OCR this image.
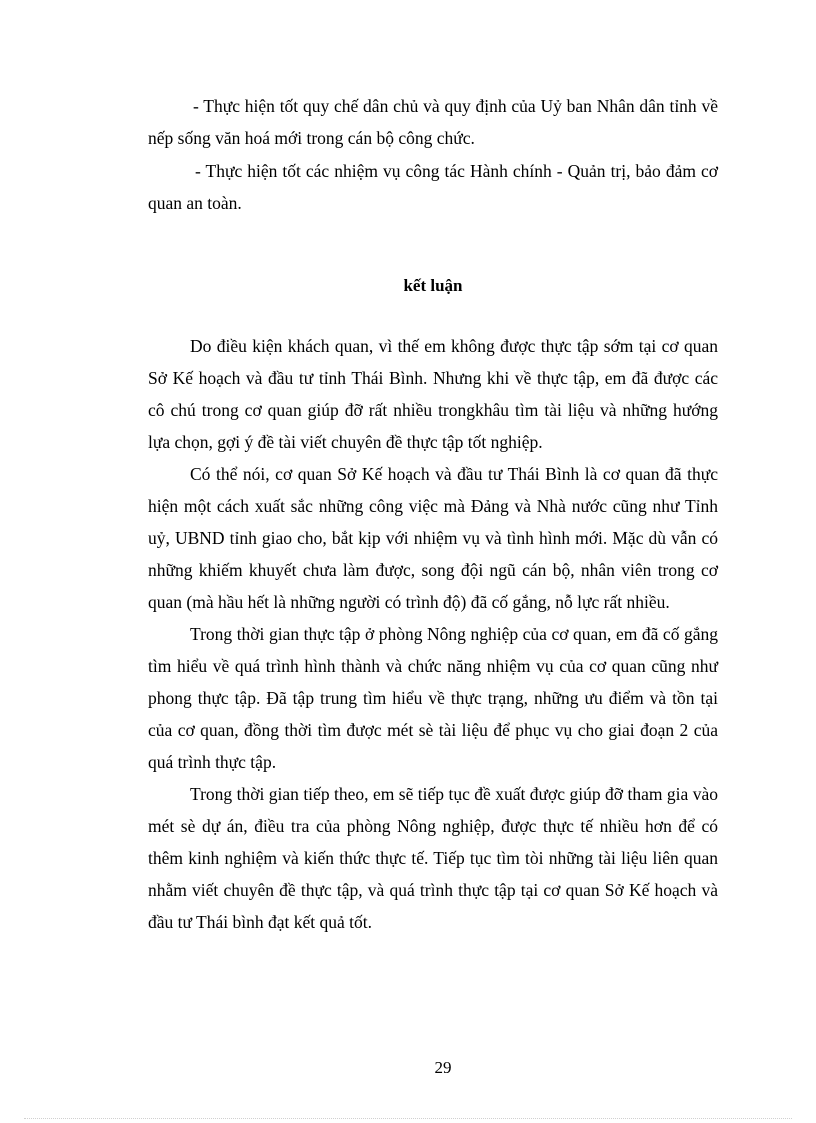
- Thực hiện tốt quy chế dân chủ và quy định của Uỷ ban Nhân dân tỉnh về nếp sống văn hoá mới trong cán bộ công chức.

- Thực hiện tốt các nhiệm vụ công tác Hành chính - Quản trị, bảo đảm cơ quan an toàn.

kết luận

Do điều kiện khách quan, vì thế em không được thực tập sớm tại cơ quan Sở Kế hoạch và đầu tư tỉnh Thái Bình. Nhưng khi về thực tập, em đã được các cô chú trong cơ quan giúp đỡ rất nhiều trongkhâu tìm tài liệu và những hướng lựa chọn, gợi ý đề tài viết chuyên đề thực tập tốt nghiệp.

Có thể nói, cơ quan Sở Kế hoạch và đầu tư Thái Bình là cơ quan đã thực hiện một cách xuất sắc những công việc mà Đảng và Nhà nước cũng như Tỉnh uỷ, UBND tỉnh giao cho, bắt kịp với nhiệm vụ và tình hình mới. Mặc dù vẫn có những khiếm khuyết chưa làm được, song đội ngũ cán bộ, nhân viên trong cơ quan (mà hầu hết là những người có trình độ) đã cố gắng, nỗ lực rất nhiều.

Trong thời gian thực tập ở phòng Nông nghiệp của cơ quan, em đã cố gắng tìm hiểu về quá trình hình thành và chức năng nhiệm vụ của cơ quan cũng như phong thực tập. Đã tập trung tìm hiểu về thực trạng, những ưu điểm và tồn tại của cơ quan, đồng thời tìm được mét sè tài liệu để phục vụ cho giai đoạn 2 của quá trình thực tập.

Trong thời gian tiếp theo, em sẽ tiếp tục đề xuất được giúp đỡ tham gia vào mét sè dự án, điều tra của phòng Nông nghiệp, được thực tế nhiều hơn để có thêm kinh nghiệm và kiến thức thực tế. Tiếp tục tìm tòi những tài liệu liên quan nhằm viết chuyên đề thực tập, và quá trình thực tập tại cơ quan Sở Kế hoạch và đầu tư Thái bình đạt kết quả tốt.

29
